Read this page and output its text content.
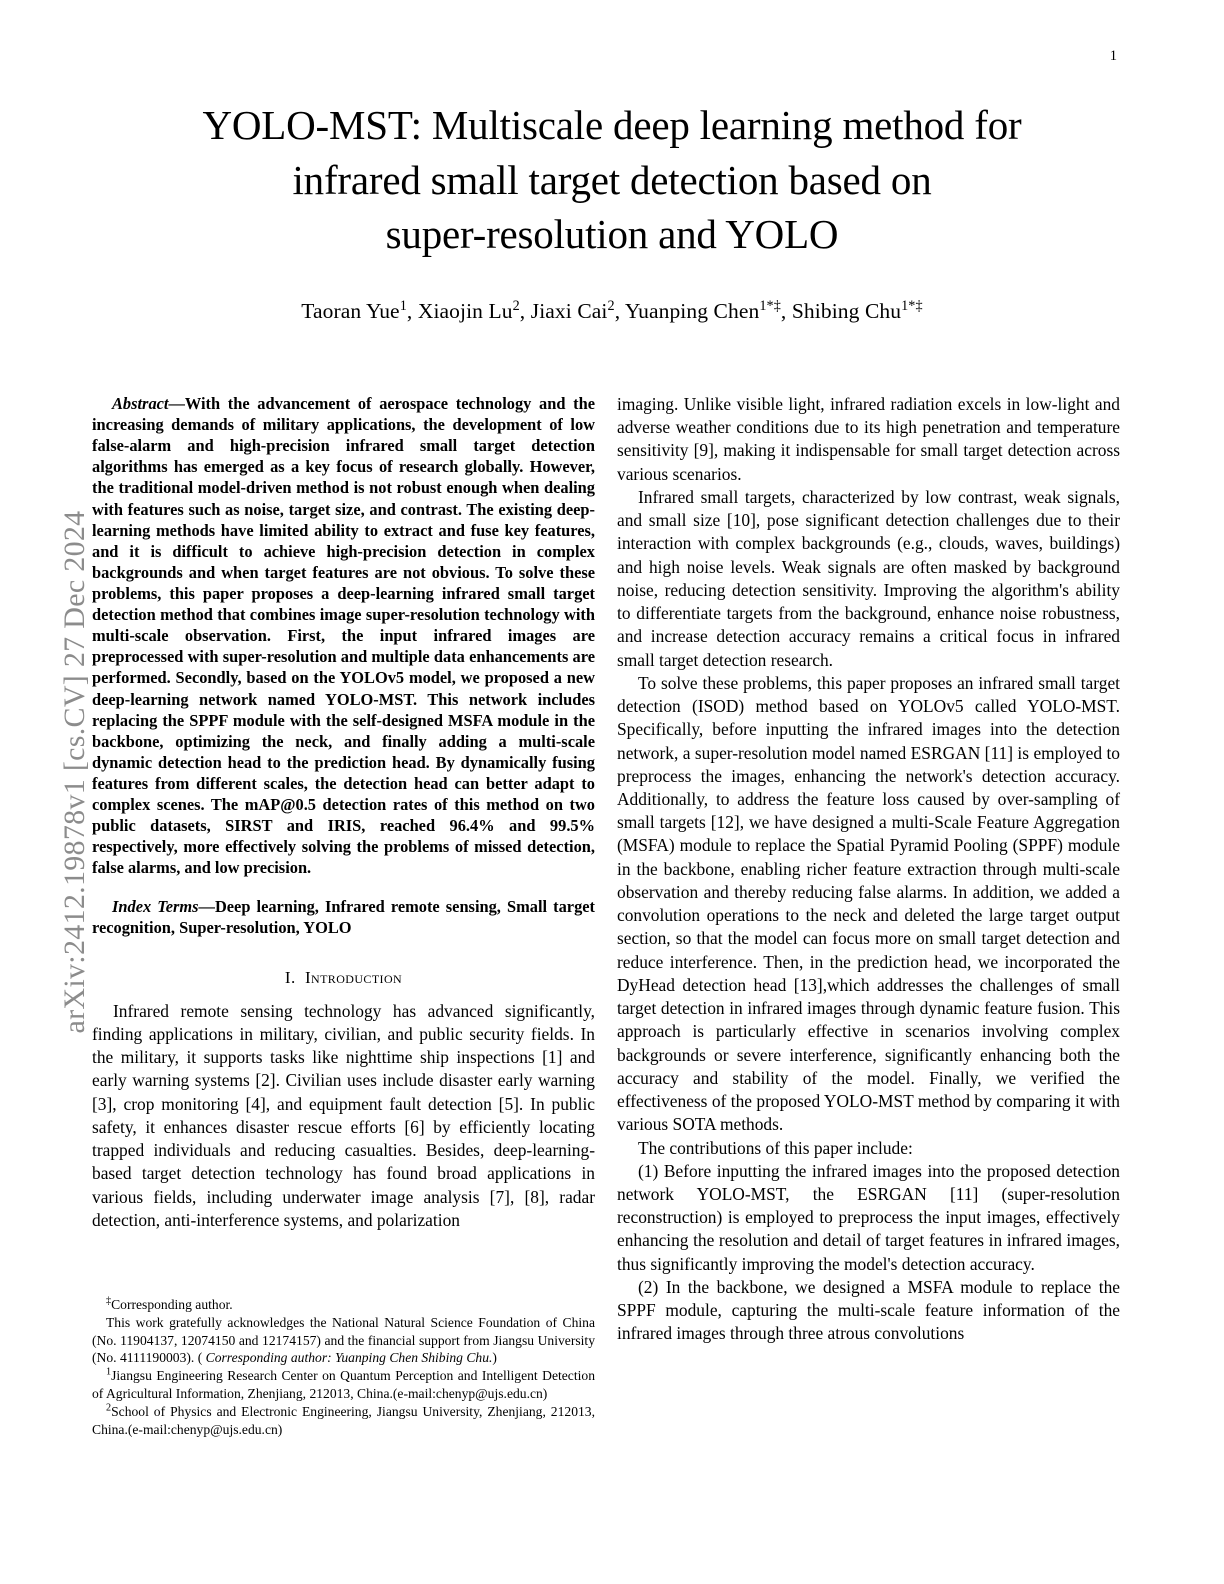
arXiv:2412.19878v1 [cs.CV] 27 Dec 2024
1
YOLO-MST: Multiscale deep learning method for
infrared small target detection based on
super-resolution and YOLO
Taoran Yue$^1$, Xiaojin Lu$^2$, Jiaxi Cai$^2$, Yuanping Chen$^{1*\ddagger}$, Shibing Chu$^{1*\ddagger}$

Abstract—With the advancement of aerospace technology and the increasing demands of military applications, the development of low false-alarm and high-precision infrared small target detection algorithms has emerged as a key focus of research globally. However, the traditional model-driven method is not robust enough when dealing with features such as noise, target size, and contrast. The existing deep-learning methods have limited ability to extract and fuse key features, and it is difficult to achieve high-precision detection in complex backgrounds and when target features are not obvious. To solve these problems, this paper proposes a deep-learning infrared small target detection method that combines image super-resolution technology with multi-scale observation. First, the input infrared images are preprocessed with super-resolution and multiple data enhancements are performed. Secondly, based on the YOLOv5 model, we proposed a new deep-learning network named YOLO-MST. This network includes replacing the SPPF module with the self-designed MSFA module in the backbone, optimizing the neck, and finally adding a multi-scale dynamic detection head to the prediction head. By dynamically fusing features from different scales, the detection head can better adapt to complex scenes. The mAP@0.5 detection rates of this method on two public datasets, SIRST and IRIS, reached 96.4% and 99.5% respectively, more effectively solving the problems of missed detection, false alarms, and low precision.

Index Terms—Deep learning, Infrared remote sensing, Small target recognition, Super-resolution, YOLO

I. Introduction

Infrared remote sensing technology has advanced significantly, finding applications in military, civilian, and public security fields. In the military, it supports tasks like nighttime ship inspections [1] and early warning systems [2]. Civilian uses include disaster early warning [3], crop monitoring [4], and equipment fault detection [5]. In public safety, it enhances disaster rescue efforts [6] by efficiently locating trapped individuals and reducing casualties. Besides, deep-learning-based target detection technology has found broad applications in various fields, including underwater image analysis [7], [8], radar detection, anti-interference systems, and polarization

imaging. Unlike visible light, infrared radiation excels in low-light and adverse weather conditions due to its high penetration and temperature sensitivity [9], making it indispensable for small target detection across various scenarios.

Infrared small targets, characterized by low contrast, weak signals, and small size [10], pose significant detection challenges due to their interaction with complex backgrounds (e.g., clouds, waves, buildings) and high noise levels. Weak signals are often masked by background noise, reducing detection sensitivity. Improving the algorithm's ability to differentiate targets from the background, enhance noise robustness, and increase detection accuracy remains a critical focus in infrared small target detection research.

To solve these problems, this paper proposes an infrared small target detection (ISOD) method based on YOLOv5 called YOLO-MST. Specifically, before inputting the infrared images into the detection network, a super-resolution model named ESRGAN [11] is employed to preprocess the images, enhancing the network's detection accuracy. Additionally, to address the feature loss caused by over-sampling of small targets [12], we have designed a multi-Scale Feature Aggregation (MSFA) module to replace the Spatial Pyramid Pooling (SPPF) module in the backbone, enabling richer feature extraction through multi-scale observation and thereby reducing false alarms. In addition, we added a convolution operations to the neck and deleted the large target output section, so that the model can focus more on small target detection and reduce interference. Then, in the prediction head, we incorporated the DyHead detection head [13],which addresses the challenges of small target detection in infrared images through dynamic feature fusion. This approach is particularly effective in scenarios involving complex backgrounds or severe interference, significantly enhancing both the accuracy and stability of the model. Finally, we verified the effectiveness of the proposed YOLO-MST method by comparing it with various SOTA methods.

The contributions of this paper include:

(1) Before inputting the infrared images into the proposed detection network YOLO-MST, the ESRGAN [11] (super-resolution reconstruction) is employed to preprocess the input images, effectively enhancing the resolution and detail of target features in infrared images, thus significantly improving the model's detection accuracy.

(2) In the backbone, we designed a MSFA module to replace the SPPF module, capturing the multi-scale feature information of the infrared images through three atrous convolutions

‡Corresponding author.

This work gratefully acknowledges the National Natural Science Foundation of China (No. 11904137, 12074150 and 12174157) and the financial support from Jiangsu University (No. 4111190003). ( Corresponding author: Yuanping Chen Shibing Chu.)

$^1$Jiangsu Engineering Research Center on Quantum Perception and Intelligent Detection of Agricultural Information, Zhenjiang, 212013, China.(e-mail:chenyp@ujs.edu.cn)

$^2$School of Physics and Electronic Engineering, Jiangsu University, Zhenjiang, 212013, China.(e-mail:chenyp@ujs.edu.cn)
